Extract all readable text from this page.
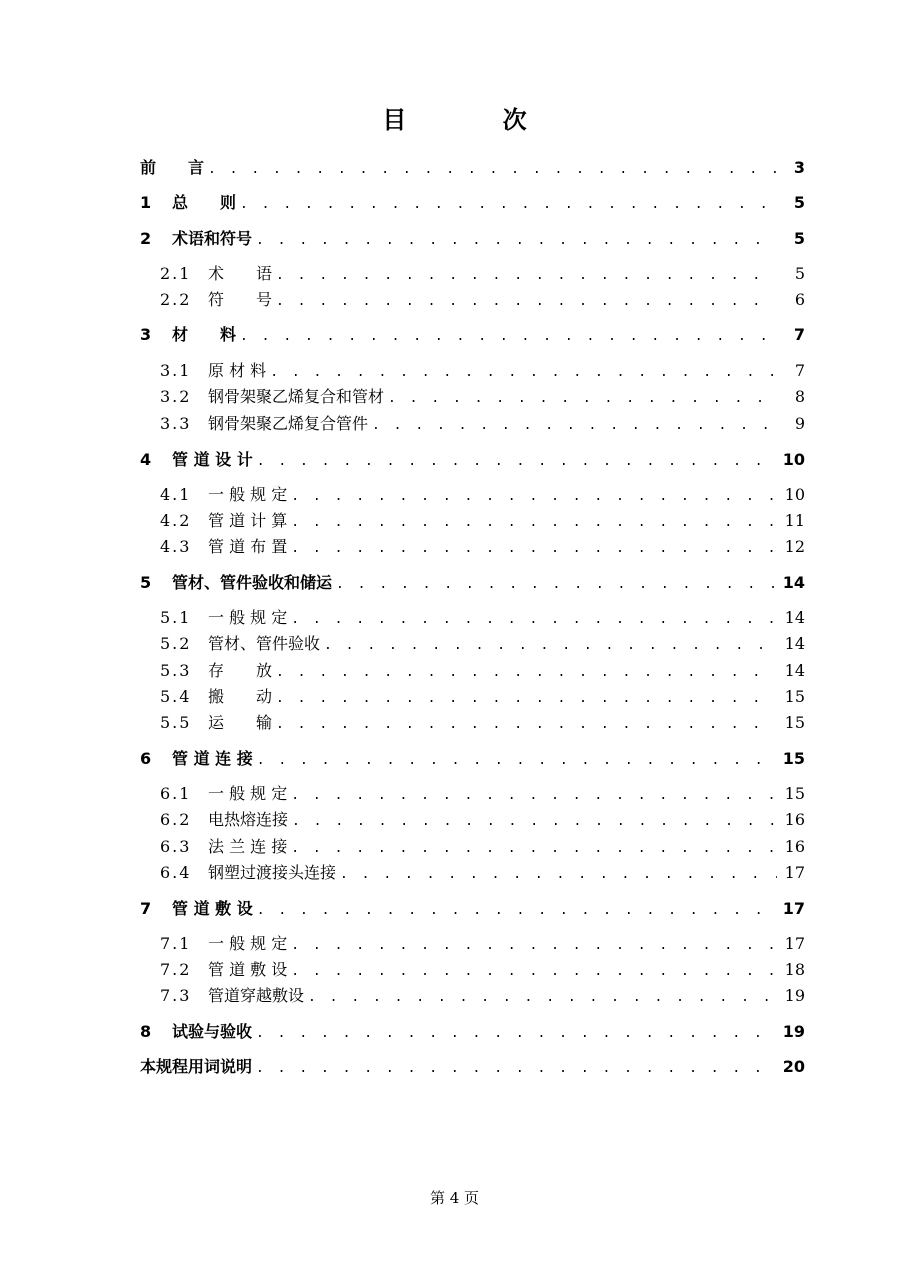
目 次
前　　言 . . .	3
1	总　　则 . . .	5
2	术语和符号 . . .	5
2.1	术　　语 . . .	5
2.2	符　　号 . . .	6
3	材　　料 . . .	7
3.1	原 材 料 . . .	7
3.2	钢骨架聚乙烯复合和管材 . . .	8
3.3	钢骨架聚乙烯复合管件 . . .	9
4	管 道 设 计 . . .	10
4.1	一 般 规 定 . . .	10
4.2	管 道 计 算 . . .	11
4.3	管 道 布 置 . . .	12
5	管材、管件验收和储运 . . .	14
5.1	一 般 规 定 . . .	14
5.2	管材、管件验收 . . .	14
5.3	存　　放 . . .	14
5.4	搬　　动 . . .	15
5.5	运　　输 . . .	15
6	管 道 连 接 . . .	15
6.1	一 般 规 定 . . .	15
6.2	电热熔连接 . . .	16
6.3	法 兰 连 接 . . .	16
6.4	钢塑过渡接头连接 . . .	17
7	管 道 敷 设 . . .	17
7.1	一 般 规 定 . . .	17
7.2	管 道 敷 设 . . .	18
7.3	管道穿越敷设 . . .	19
8	试验与验收 . . .	19
本规程用词说明 . . .	20
第 4 页
